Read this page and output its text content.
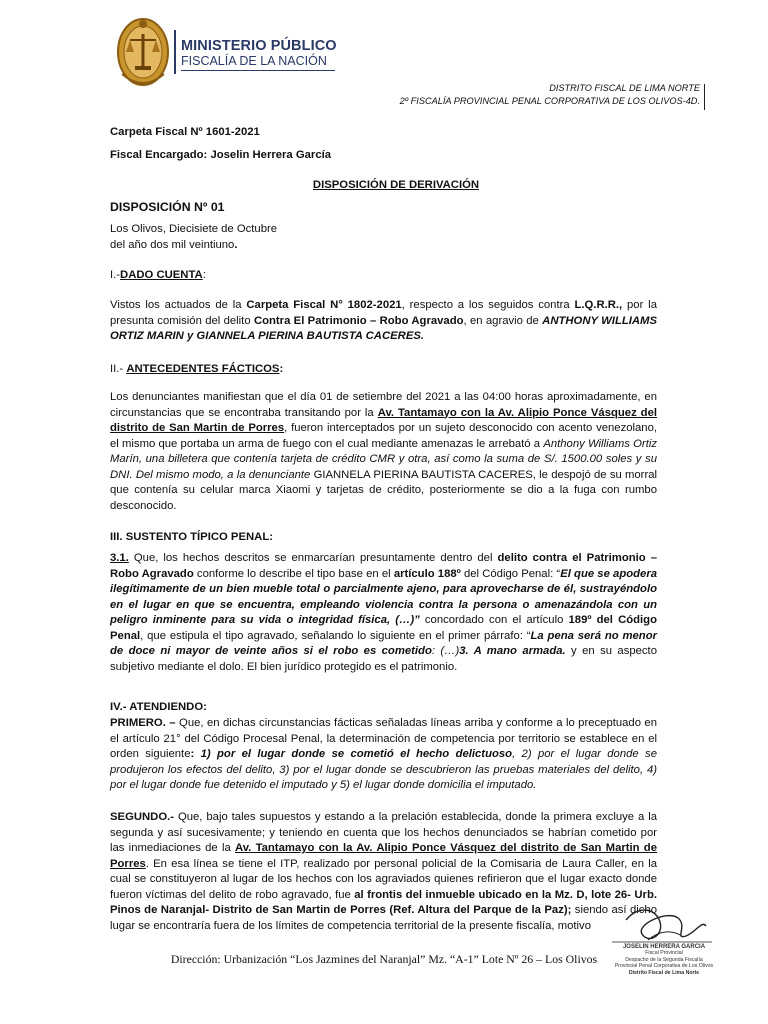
MINISTERIO PÚBLICO
FISCALÍA DE LA NACIÓN
DISTRITO FISCAL DE LIMA NORTE
2º FISCALÍA PROVINCIAL PENAL CORPORATIVA DE LOS OLIVOS-4D.

Carpeta Fiscal Nº 1601-2021

Fiscal Encargado: Joselin Herrera García

DISPOSICIÓN DE DERIVACIÓN

DISPOSICIÓN Nº 01

Los Olivos, Diecisiete de Octubre

del año dos mil veintiuno.

I.-DADO CUENTA:

Vistos los actuados de la Carpeta Fiscal N° 1802-2021, respecto a los seguidos contra L.Q.R.R., por la presunta comisión del delito Contra El Patrimonio – Robo Agravado, en agravio de ANTHONY WILLIAMS ORTIZ MARIN y GIANNELA PIERINA BAUTISTA CACERES.

II.- ANTECEDENTES FÁCTICOS:

Los denunciantes manifiestan que el día 01 de setiembre del 2021 a las 04:00 horas aproximadamente, en circunstancias que se encontraba transitando por la Av. Tantamayo con la Av. Alipio Ponce Vásquez del distrito de San Martin de Porres, fueron interceptados por un sujeto desconocido con acento venezolano, el mismo que portaba un arma de fuego con el cual mediante amenazas le arrebató a Anthony Williams Ortiz Marín, una billetera que contenía tarjeta de crédito CMR y otra, así como la suma de S/. 1500.00 soles y su DNI. Del mismo modo, a la denunciante GIANNELA PIERINA BAUTISTA CACERES, le despojó de su morral que contenía su celular marca Xiaomi y tarjetas de crédito, posteriormente se dio a la fuga con rumbo desconocido.

III. SUSTENTO TÍPICO PENAL:

3.1. Que, los hechos descritos se enmarcarían presuntamente dentro del delito contra el Patrimonio – Robo Agravado conforme lo describe el tipo base en el artículo 188º del Código Penal: “El que se apodera ilegítimamente de un bien mueble total o parcialmente ajeno, para aprovecharse de él, sustrayéndolo en el lugar en que se encuentra, empleando violencia contra la persona o amenazándola con un peligro inminente para su vida o integridad física, (…)” concordado con el artículo 189º del Código Penal, que estipula el tipo agravado, señalando lo siguiente en el primer párrafo: “La pena será no menor de doce ni mayor de veinte años si el robo es cometido: (…)3. A mano armada. y en su aspecto subjetivo mediante el dolo. El bien jurídico protegido es el patrimonio.

IV.- ATENDIENDO:

PRIMERO. – Que, en dichas circunstancias fácticas señaladas líneas arriba y conforme a lo preceptuado en el artículo 21° del Código Procesal Penal, la determinación de competencia por territorio se establece en el orden siguiente: 1) por el lugar donde se cometió el hecho delictuoso, 2) por el lugar donde se produjeron los efectos del delito, 3) por el lugar donde se descubrieron las pruebas materiales del delito, 4) por el lugar donde fue detenido el imputado y 5) el lugar donde domicilia el imputado.

SEGUNDO.- Que, bajo tales supuestos y estando a la prelación establecida, donde la primera excluye a la segunda y así sucesivamente; y teniendo en cuenta que los hechos denunciados se habrían cometido por las inmediaciones de la Av. Tantamayo con la Av. Alipio Ponce Vásquez del distrito de San Martin de Porres. En esa línea se tiene el ITP, realizado por personal policial de la Comisaria de Laura Caller, en la cual se constituyeron al lugar de los hechos con los agraviados quienes refirieron que el lugar exacto donde fueron víctimas del delito de robo agravado, fue al frontis del inmueble ubicado en la Mz. D, lote 26- Urb. Pinos de Naranjal- Distrito de San Martin de Porres (Ref. Altura del Parque de la Paz); siendo así dicho lugar se encontraría fuera de los límites de competencia territorial de la presente fiscalía, motivo

JOSELIN HERRERA GARCIA
Fiscal Provincial
Despacho de la Segunda Fiscalía
Provincial Penal Corporativa de Los Olivos
Distrito Fiscal de Lima Norte

Dirección: Urbanización “Los Jazmines del Naranjal” Mz. “A-1” Lote Nº 26 – Los Olivos
